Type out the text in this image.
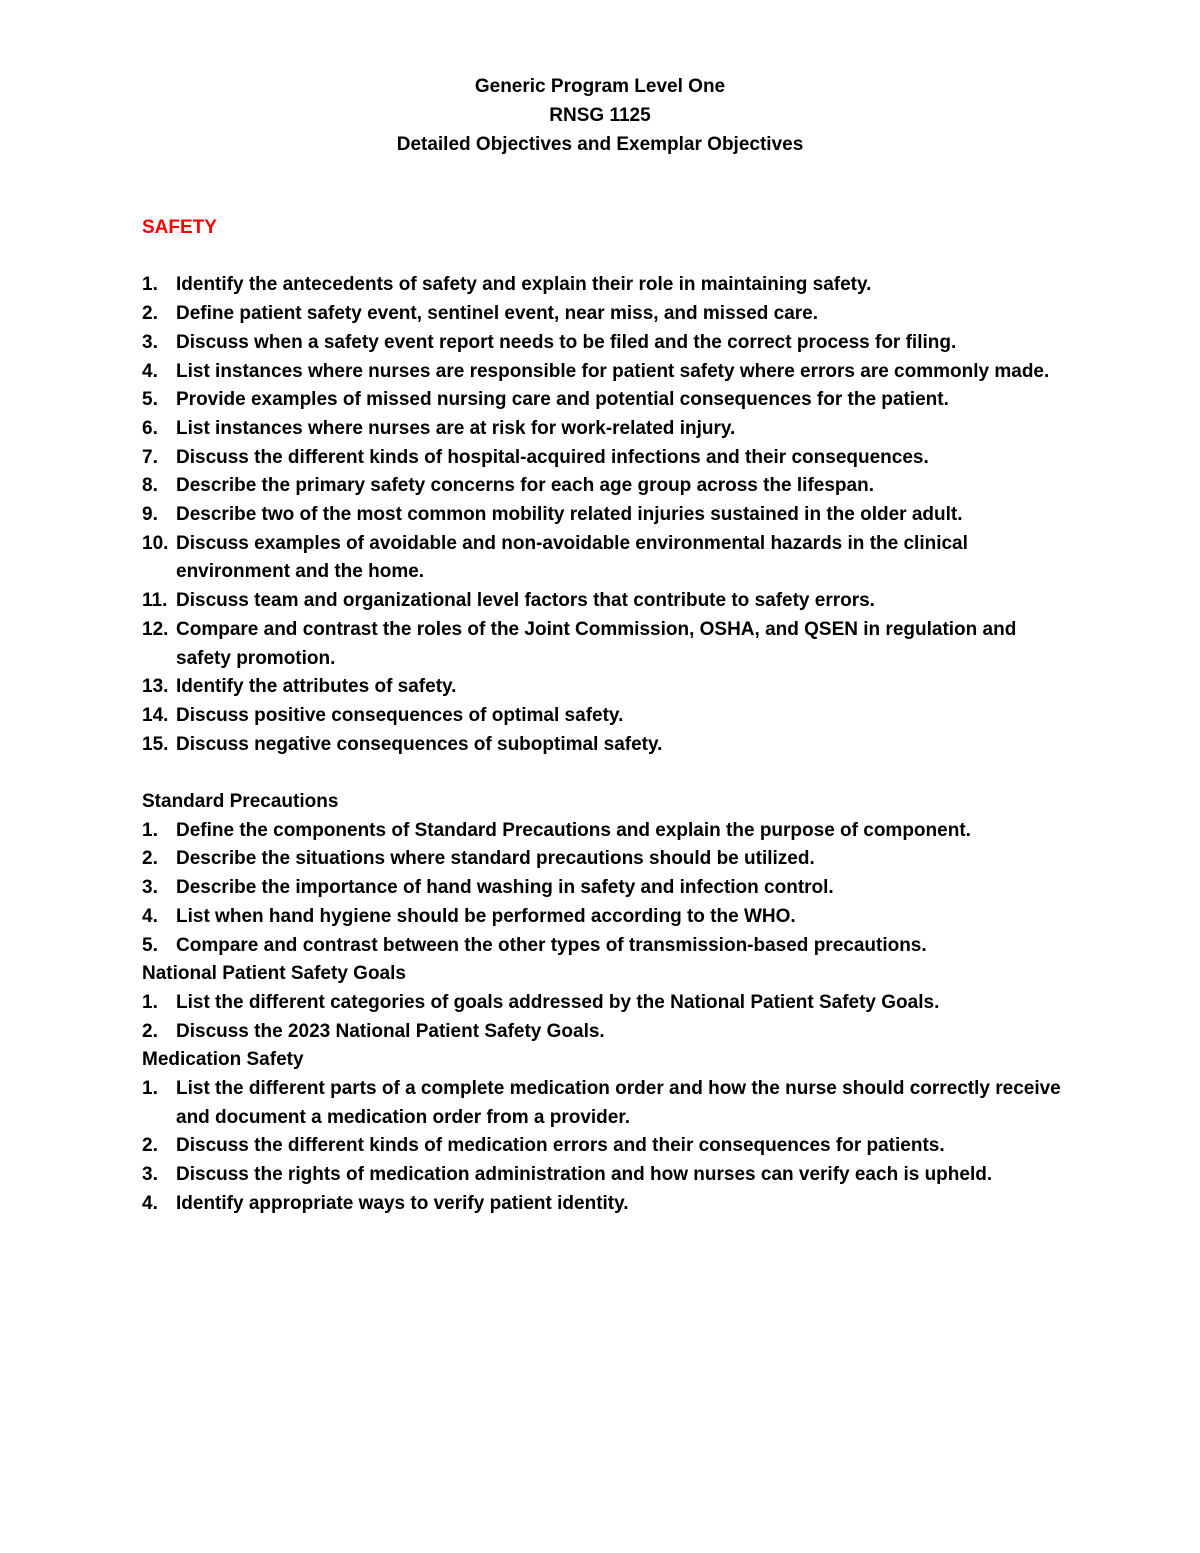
Generic Program Level One
RNSG 1125
Detailed Objectives and Exemplar Objectives
SAFETY
1. Identify the antecedents of safety and explain their role in maintaining safety.
2. Define patient safety event, sentinel event, near miss, and missed care.
3. Discuss when a safety event report needs to be filed and the correct process for filing.
4. List instances where nurses are responsible for patient safety where errors are commonly made.
5. Provide examples of missed nursing care and potential consequences for the patient.
6. List instances where nurses are at risk for work-related injury.
7. Discuss the different kinds of hospital-acquired infections and their consequences.
8. Describe the primary safety concerns for each age group across the lifespan.
9. Describe two of the most common mobility related injuries sustained in the older adult.
10. Discuss examples of avoidable and non-avoidable environmental hazards in the clinical environment and the home.
11. Discuss team and organizational level factors that contribute to safety errors.
12. Compare and contrast the roles of the Joint Commission, OSHA, and QSEN in regulation and safety promotion.
13. Identify the attributes of safety.
14. Discuss positive consequences of optimal safety.
15. Discuss negative consequences of suboptimal safety.
Standard Precautions
1. Define the components of Standard Precautions and explain the purpose of component.
2. Describe the situations where standard precautions should be utilized.
3. Describe the importance of hand washing in safety and infection control.
4. List when hand hygiene should be performed according to the WHO.
5. Compare and contrast between the other types of transmission-based precautions.
National Patient Safety Goals
1. List the different categories of goals addressed by the National Patient Safety Goals.
2. Discuss the 2023 National Patient Safety Goals.
Medication Safety
1. List the different parts of a complete medication order and how the nurse should correctly receive and document a medication order from a provider.
2. Discuss the different kinds of medication errors and their consequences for patients.
3. Discuss the rights of medication administration and how nurses can verify each is upheld.
4. Identify appropriate ways to verify patient identity.
